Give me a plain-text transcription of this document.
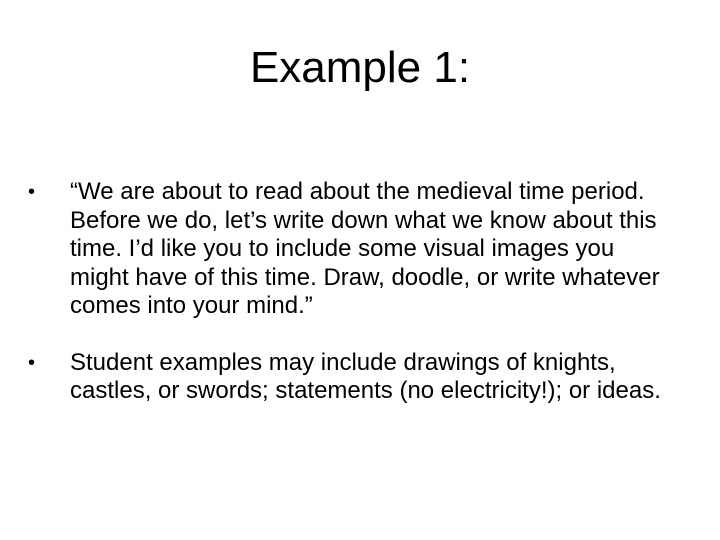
Example 1:
•	“We are about to read about the medieval time period. Before we do, let’s write down what we know about this time. I’d like you to include some visual images you might have of this time. Draw, doodle, or write whatever comes into your mind.”
•	Student examples may include drawings of knights, castles, or swords; statements (no electricity!); or ideas.
